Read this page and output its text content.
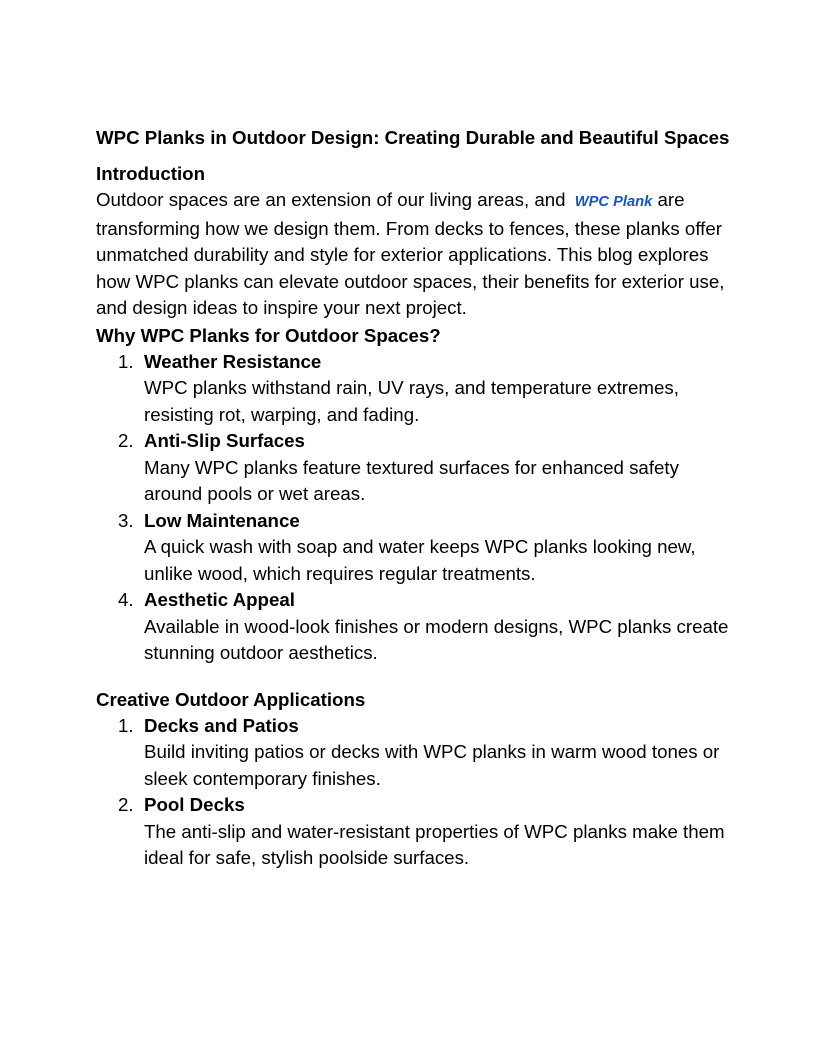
WPC Planks in Outdoor Design: Creating Durable and Beautiful Spaces
Introduction

Outdoor spaces are an extension of our living areas, and WPC Plank are transforming how we design them. From decks to fences, these planks offer unmatched durability and style for exterior applications. This blog explores how WPC planks can elevate outdoor spaces, their benefits for exterior use, and design ideas to inspire your next project.

Why WPC Planks for Outdoor Spaces?
1. Weather Resistance
WPC planks withstand rain, UV rays, and temperature extremes, resisting rot, warping, and fading.
2. Anti-Slip Surfaces
Many WPC planks feature textured surfaces for enhanced safety around pools or wet areas.
3. Low Maintenance
A quick wash with soap and water keeps WPC planks looking new, unlike wood, which requires regular treatments.
4. Aesthetic Appeal
Available in wood-look finishes or modern designs, WPC planks create stunning outdoor aesthetics.
Creative Outdoor Applications
1. Decks and Patios
Build inviting patios or decks with WPC planks in warm wood tones or sleek contemporary finishes.
2. Pool Decks
The anti-slip and water-resistant properties of WPC planks make them ideal for safe, stylish poolside surfaces.
